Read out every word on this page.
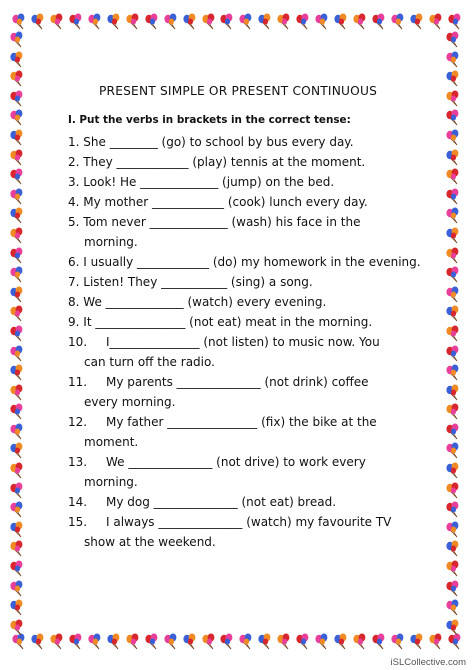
PRESENT SIMPLE OR PRESENT CONTINUOUS
I. Put the verbs in brackets in the correct tense:
1. She ________ (go) to school by bus every day.
2. They ____________ (play) tennis at the moment.
3. Look! He _____________ (jump) on the bed.
4. My mother ____________ (cook) lunch every day.
5. Tom never _____________ (wash) his face in the
morning.
6. I usually ____________ (do) my homework in the evening.
7. Listen! They ___________ (sing) a song.
8. We _____________ (watch) every evening.
9. It _______________ (not eat) meat in the morning.
10. I_______________ (not listen) to music now. You
can turn off the radio.
11. My parents ______________ (not drink) coffee
every morning.
12. My father _______________ (fix) the bike at the
moment.
13. We ______________ (not drive) to work every
morning.
14. My dog ______________ (not eat) bread.
15. I always ______________ (watch) my favourite TV
show at the weekend.
iSLCollective.com
